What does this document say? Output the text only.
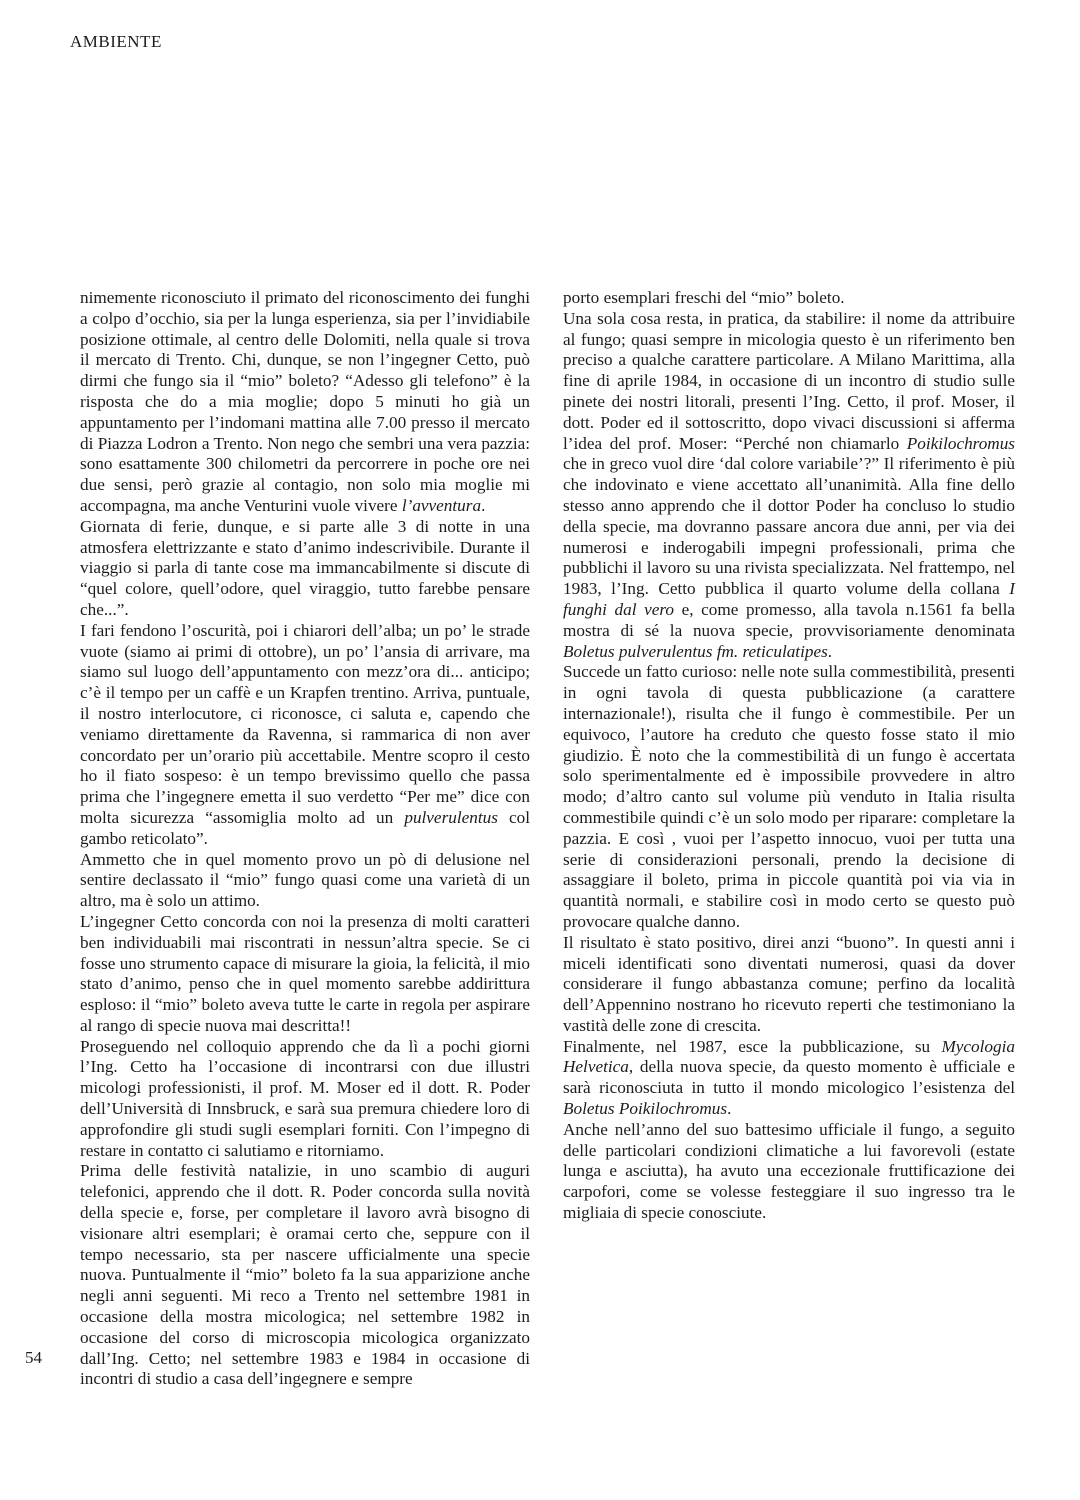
AMBIENTE

nimemente riconosciuto il primato del riconoscimento dei funghi a colpo d’occhio, sia per la lunga esperienza, sia per l’invidiabile posizione ottimale, al centro delle Dolomiti, nella quale si trova il mercato di Trento. Chi, dunque, se non l’ingegner Cetto, può dirmi che fungo sia il “mio” boleto? “Adesso gli telefono” è la risposta che do a mia moglie; dopo 5 minuti ho già un appuntamento per l’indomani mattina alle 7.00 presso il mercato di Piazza Lodron a Trento. Non nego che sembri una vera pazzia: sono esattamente 300 chilometri da percorrere in poche ore nei due sensi, però grazie al contagio, non solo mia moglie mi accompagna, ma anche Venturini vuole vivere l’avventura.

Giornata di ferie, dunque, e si parte alle 3 di notte in una atmosfera elettrizzante e stato d’animo indescrivibile. Durante il viaggio si parla di tante cose ma immancabilmente si discute di “quel colore, quell’odore, quel viraggio, tutto farebbe pensare che...”.

I fari fendono l’oscurità, poi i chiarori dell’alba; un po’ le strade vuote (siamo ai primi di ottobre), un po’ l’ansia di arrivare, ma siamo sul luogo dell’appuntamento con mezz’ora di... anticipo; c’è il tempo per un caffè e un Krapfen trentino. Arriva, puntuale, il nostro interlocutore, ci riconosce, ci saluta e, capendo che veniamo direttamente da Ravenna, si rammarica di non aver concordato per un’orario più accettabile. Mentre scopro il cesto ho il fiato sospeso: è un tempo brevissimo quello che passa prima che l’ingegnere emetta il suo verdetto “Per me” dice con molta sicurezza “assomiglia molto ad un pulverulentus col gambo reticolato”.

Ammetto che in quel momento provo un pò di delusione nel sentire declassato il “mio” fungo quasi come una varietà di un altro, ma è solo un attimo.

L’ingegner Cetto concorda con noi la presenza di molti caratteri ben individuabili mai riscontrati in nessun’altra specie. Se ci fosse uno strumento capace di misurare la gioia, la felicità, il mio stato d’animo, penso che in quel momento sarebbe addirittura esploso: il “mio” boleto aveva tutte le carte in regola per aspirare al rango di specie nuova mai descritta!!

Proseguendo nel colloquio apprendo che da lì a pochi giorni l’Ing. Cetto ha l’occasione di incontrarsi con due illustri micologi professionisti, il prof. M. Moser ed il dott. R. Poder dell’Università di Innsbruck, e sarà sua premura chiedere loro di approfondire gli studi sugli esemplari forniti. Con l’impegno di restare in contatto ci salutiamo e ritorniamo.

Prima delle festività natalizie, in uno scambio di auguri telefonici, apprendo che il dott. R. Poder concorda sulla novità della specie e, forse, per completare il lavoro avrà bisogno di visionare altri esemplari; è oramai certo che, seppure con il tempo necessario, sta per nascere ufficialmente una specie nuova. Puntualmente il “mio” boleto fa la sua apparizione anche negli anni seguenti. Mi reco a Trento nel settembre 1981 in occasione della mostra micologica; nel settembre 1982 in occasione del corso di microscopia micologica organizzato dall’Ing. Cetto; nel settembre 1983 e 1984 in occasione di incontri di studio a casa dell’ingegnere e sempre

porto esemplari freschi del “mio” boleto.

Una sola cosa resta, in pratica, da stabilire: il nome da attribuire al fungo; quasi sempre in micologia questo è un riferimento ben preciso a qualche carattere particolare. A Milano Marittima, alla fine di aprile 1984, in occasione di un incontro di studio sulle pinete dei nostri litorali, presenti l’Ing. Cetto, il prof. Moser, il dott. Poder ed il sottoscritto, dopo vivaci discussioni si afferma l’idea del prof. Moser: “Perché non chiamarlo Poikilochromus che in greco vuol dire ‘dal colore variabile’?” Il riferimento è più che indovinato e viene accettato all’unanimità. Alla fine dello stesso anno apprendo che il dottor Poder ha concluso lo studio della specie, ma dovranno passare ancora due anni, per via dei numerosi e inderogabili impegni professionali, prima che pubblichi il lavoro su una rivista specializzata. Nel frattempo, nel 1983, l’Ing. Cetto pubblica il quarto volume della collana I funghi dal vero e, come promesso, alla tavola n.1561 fa bella mostra di sé la nuova specie, provvisoriamente denominata Boletus pulverulentus fm. reticulatipes.

Succede un fatto curioso: nelle note sulla commestibilità, presenti in ogni tavola di questa pubblicazione (a carattere internazionale!), risulta che il fungo è commestibile. Per un equivoco, l’autore ha creduto che questo fosse stato il mio giudizio. È noto che la commestibilità di un fungo è accertata solo sperimentalmente ed è impossibile provvedere in altro modo; d’altro canto sul volume più venduto in Italia risulta commestibile quindi c’è un solo modo per riparare: completare la pazzia. E così , vuoi per l’aspetto innocuo, vuoi per tutta una serie di considerazioni personali, prendo la decisione di assaggiare il boleto, prima in piccole quantità poi via via in quantità normali, e stabilire così in modo certo se questo può provocare qualche danno.

Il risultato è stato positivo, direi anzi “buono”. In questi anni i miceli identificati sono diventati numerosi, quasi da dover considerare il fungo abbastanza comune; perfino da località dell’Appennino nostrano ho ricevuto reperti che testimoniano la vastità delle zone di crescita.

Finalmente, nel 1987, esce la pubblicazione, su Mycologia Helvetica, della nuova specie, da questo momento è ufficiale e sarà riconosciuta in tutto il mondo micologico l’esistenza del Boletus Poikilochromus.

Anche nell’anno del suo battesimo ufficiale il fungo, a seguito delle particolari condizioni climatiche a lui favorevoli (estate lunga e asciutta), ha avuto una eccezionale fruttificazione dei carpofori, come se volesse festeggiare il suo ingresso tra le migliaia di specie conosciute.

54
